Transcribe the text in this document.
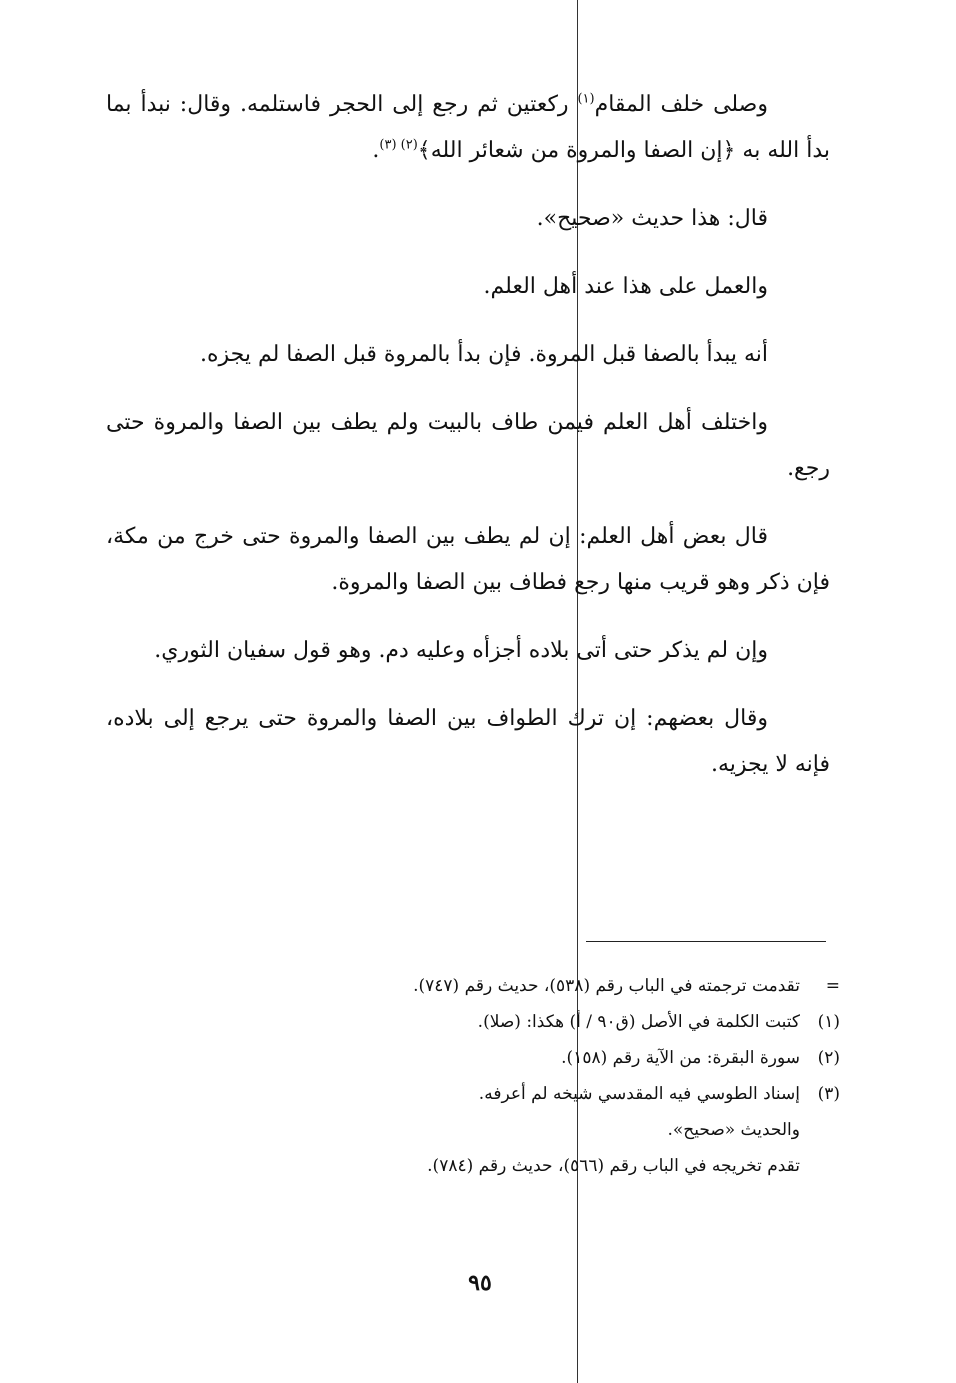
وصلى خلف المقام$^{(١)}$ ركعتين ثم رجع إلى الحجر فاستلمه. وقال: نبدأ بما بدأ الله به ﴿إن الصفا والمروة من شعائر الله﴾$^{(٢) (٣)}$.

قال: هذا حديث «صحيح».

والعمل على هذا عند أهل العلم.

أنه يبدأ بالصفا قبل المروة. فإن بدأ بالمروة قبل الصفا لم يجزه.

واختلف أهل العلم فيمن طاف بالبيت ولم يطف بين الصفا والمروة حتى رجع.

قال بعض أهل العلم: إن لم يطف بين الصفا والمروة حتى خرج من مكة، فإن ذكر وهو قريب منها رجع فطاف بين الصفا والمروة.

وإن لم يذكر حتى أتى بلاده أجزأه وعليه دم. وهو قول سفيان الثوري.

وقال بعضهم: إن ترك الطواف بين الصفا والمروة حتى يرجع إلى بلاده، فإنه لا يجزيه.

=تقدمت ترجمته في الباب رقم (٥٣٨)، حديث رقم (٧٤٧).

(١)كتبت الكلمة في الأصل (ق٩٠ / أ) هكذا: (صلا).

(٢)سورة البقرة: من الآية رقم (١٥٨).

(٣)إسناد الطوسي فيه المقدسي شيخه لم أعرفه.

والحديث «صحيح».

تقدم تخريجه في الباب رقم (٥٦٦)، حديث رقم (٧٨٤).

٩٥
